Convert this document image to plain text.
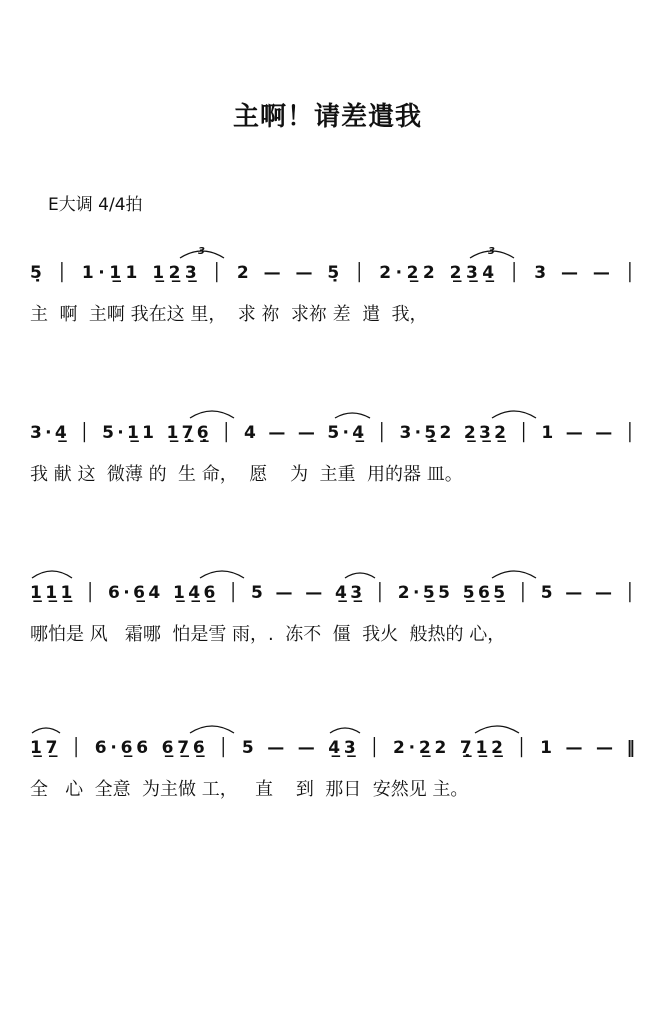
主啊！请差遣我
E大调 4/4拍
5̣ │ 1·1̲1 1̲2̲3̲ │ 2 — — 5̣ │ 2·2̲2 2̲3̲4̲ │ 3 — — │
3	3
主  啊  主啊 我在这 里，  求 祢  求祢 差  遣  我，
3·4̲ │ 5·1̲1 1̲7̣̲6̣̲ │ 4 — — 5·4̲ │ 3·5̣̲2 2̲3̲2̲ │ 1 — — │
我 献 这  微薄 的  生 命，  愿    为  主重  用的器 皿。
1̲1̲1̲ │ 6·6̲4 1̲4̲6̲ │ 5 — — 4̲3̲ │ 2·5̲5 5̲6̲5̲ │ 5 — — │
哪怕是 风   霜哪  怕是雪 雨，.  冻不  僵  我火  般热的 心，
1̲7̲ │ 6·6̲6 6̲7̲6̲ │ 5 — — 4̲3̲ │ 2·2̲2 7̣̲1̲2̲ │ 1 — — ‖
全   心  全意  为主做 工，   直    到  那日  安然见 主。
